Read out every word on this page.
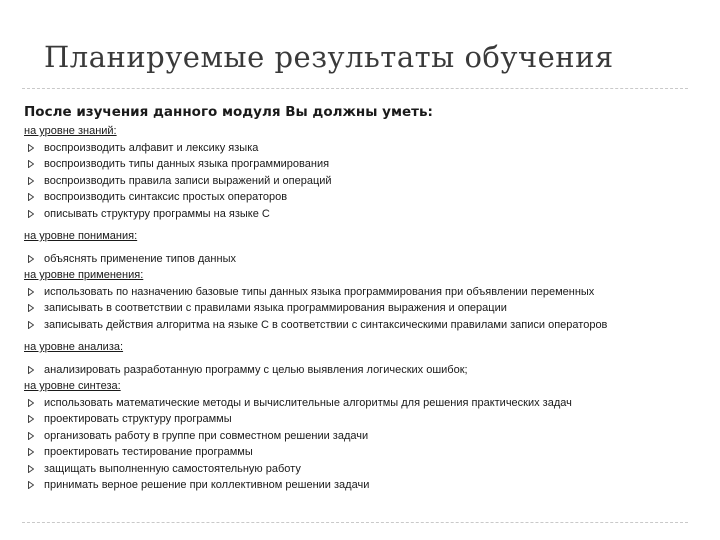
Планируемые результаты обучения
После изучения данного модуля Вы должны уметь:
на уровне знаний:
воспроизводить алфавит и лексику языка
воспроизводить типы данных языка программирования
воспроизводить правила записи выражений и операций
воспроизводить синтаксис простых операторов
описывать структуру программы на языке С
на уровне понимания:
объяснять применение типов данных
на уровне применения:
использовать по назначению базовые типы данных языка программирования при объявлении переменных
записывать в соответствии с правилами языка программирования выражения и операции
записывать действия алгоритма на языке С в соответствии с синтаксическими правилами записи операторов
на уровне анализа:
анализировать разработанную программу с целью выявления логических ошибок;
на уровне синтеза:
использовать математические методы и вычислительные алгоритмы для решения практических задач
проектировать структуру программы
организовать работу в группе при совместном решении задачи
проектировать тестирование программы
защищать выполненную самостоятельную работу
принимать верное решение при коллективном решении задачи
